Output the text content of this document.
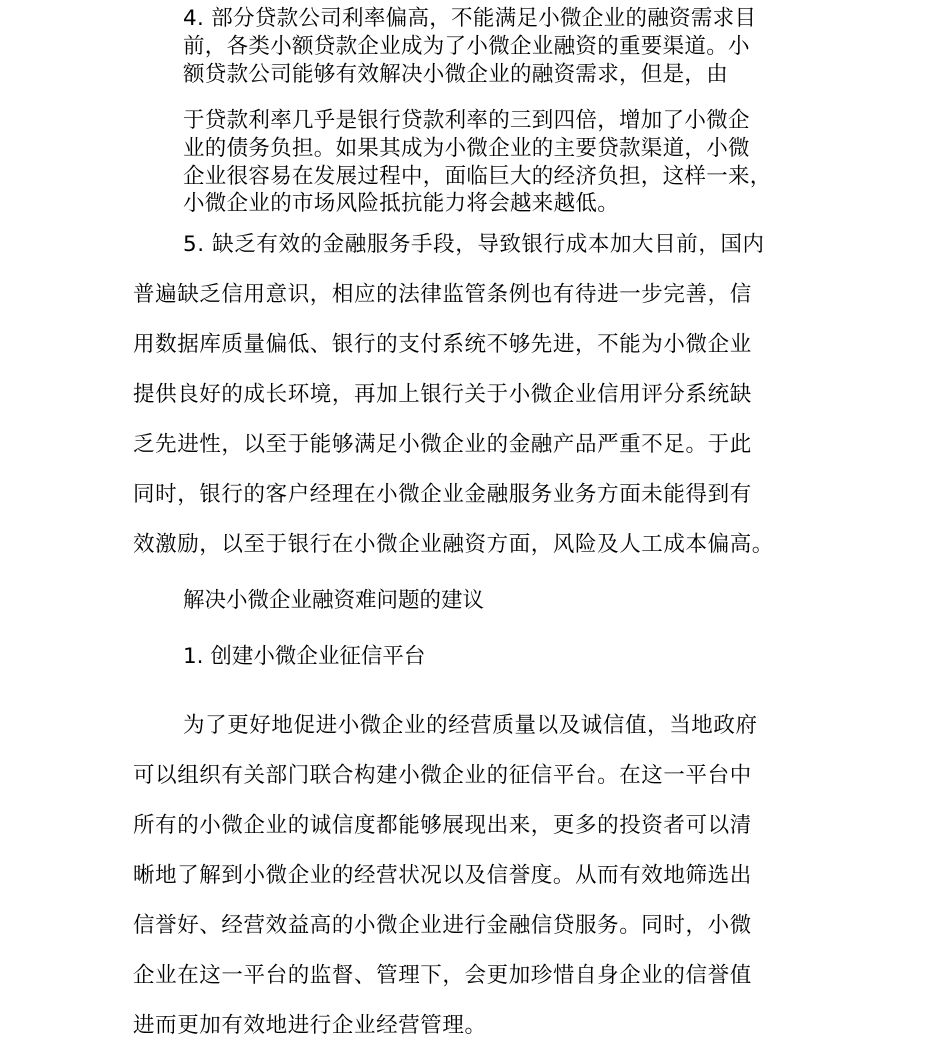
4. 部分贷款公司利率偏高，不能满足小微企业的融资需求目

前，各类小额贷款企业成为了小微企业融资的重要渠道。小

额贷款公司能够有效解决小微企业的融资需求，但是，由

于贷款利率几乎是银行贷款利率的三到四倍，增加了小微企

业的债务负担。如果其成为小微企业的主要贷款渠道，小微

企业很容易在发展过程中，面临巨大的经济负担，这样一来，

小微企业的市场风险抵抗能力将会越来越低。

5. 缺乏有效的金融服务手段，导致银行成本加大目前，国内

普遍缺乏信用意识，相应的法律监管条例也有待进一步完善，信

用数据库质量偏低、银行的支付系统不够先进，不能为小微企业

提供良好的成长环境，再加上银行关于小微企业信用评分系统缺

乏先进性，以至于能够满足小微企业的金融产品严重不足。于此

同时，银行的客户经理在小微企业金融服务业务方面未能得到有

效激励，以至于银行在小微企业融资方面，风险及人工成本偏高。

解决小微企业融资难问题的建议

1. 创建小微企业征信平台

为了更好地促进小微企业的经营质量以及诚信值，当地政府

可以组织有关部门联合构建小微企业的征信平台。在这一平台中

所有的小微企业的诚信度都能够展现出来，更多的投资者可以清

晰地了解到小微企业的经营状况以及信誉度。从而有效地筛选出

信誉好、经营效益高的小微企业进行金融信贷服务。同时，小微

企业在这一平台的监督、管理下，会更加珍惜自身企业的信誉值

进而更加有效地进行企业经营管理。
